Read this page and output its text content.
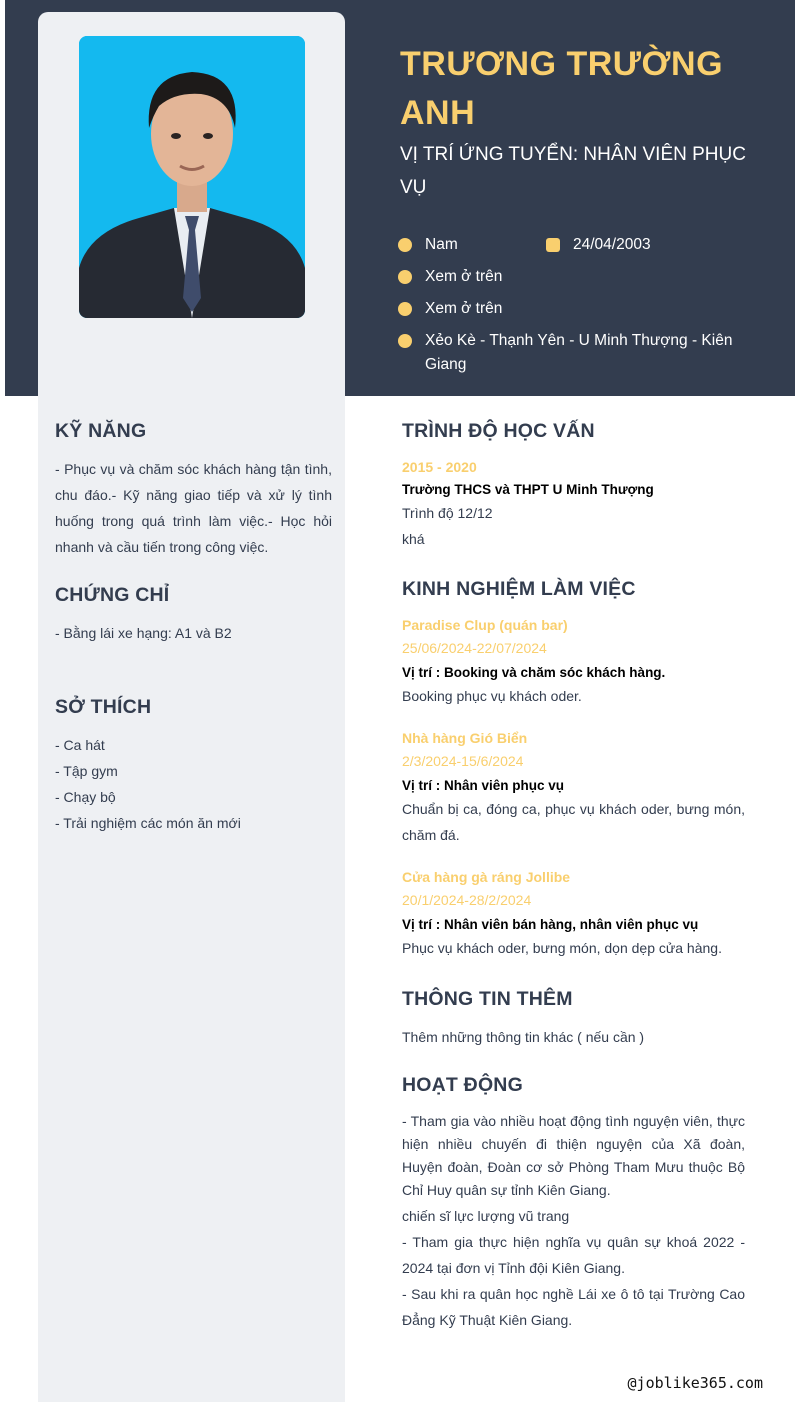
TRƯƠNG TRƯỜNG ANH
VỊ TRÍ ỨNG TUYỂN: NHÂN VIÊN PHỤC VỤ
Nam	24/04/2003
Xem ở trên
Xem ở trên
Xẻo Kè - Thạnh Yên - U Minh Thượng - Kiên Giang
KỸ NĂNG
- Phục vụ và chăm sóc khách hàng tận tình, chu đáo.- Kỹ năng giao tiếp và xử lý tình huống trong quá trình làm việc.- Học hỏi nhanh và cầu tiến trong công việc.
CHỨNG CHỈ
- Bằng lái xe hạng: A1 và B2
SỞ THÍCH
- Ca hát
- Tập gym
- Chạy bộ
- Trải nghiệm các món ăn mới
TRÌNH ĐỘ HỌC VẤN
2015 - 2020
Trường THCS và THPT U Minh Thượng
Trình độ 12/12
khá
KINH NGHIỆM LÀM VIỆC
Paradise Clup (quán bar)
25/06/2024-22/07/2024
Vị trí : Booking và chăm sóc khách hàng.
Booking phục vụ khách oder.
Nhà hàng Gió Biển
2/3/2024-15/6/2024
Vị trí : Nhân viên phục vụ
Chuẩn bị ca, đóng ca, phục vụ khách oder, bưng món, chăm đá.
Cửa hàng gà ráng Jollibe
20/1/2024-28/2/2024
Vị trí : Nhân viên bán hàng, nhân viên phục vụ
Phục vụ khách oder, bưng món, dọn dẹp cửa hàng.
THÔNG TIN THÊM
Thêm những thông tin khác ( nếu cần )
HOẠT ĐỘNG
- Tham gia vào nhiều hoạt động tình nguyện viên, thực hiện nhiều chuyến đi thiện nguyện của Xã đoàn, Huyện đoàn, Đoàn cơ sở Phòng Tham Mưu thuộc Bộ Chỉ Huy quân sự tỉnh Kiên Giang.
chiến sĩ lực lượng vũ trang
- Tham gia thực hiện nghĩa vụ quân sự khoá 2022 - 2024 tại đơn vị Tỉnh đội Kiên Giang.
- Sau khi ra quân học nghề Lái xe ô tô tại Trường Cao Đẳng Kỹ Thuật Kiên Giang.
@joblike365.com
